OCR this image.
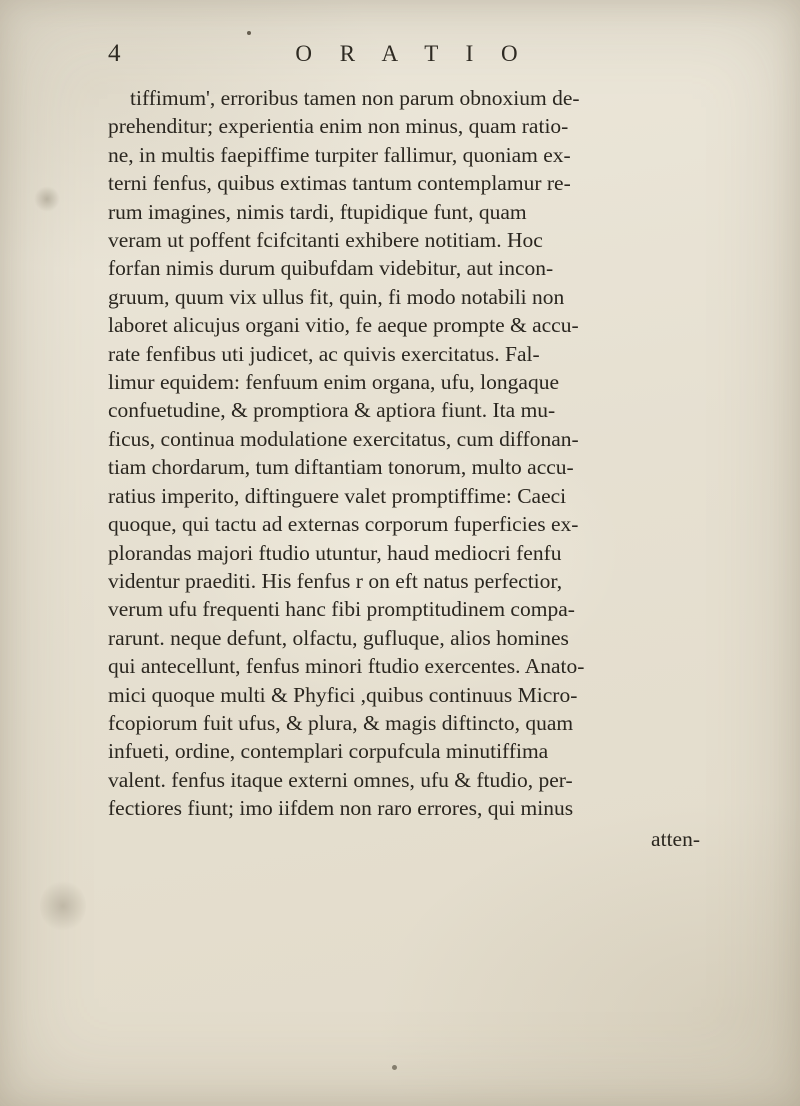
4	O R A T I O

tiffimum', erroribus tamen non parum obnoxium de-
prehenditur; experientia enim non minus, quam ratio-
ne, in multis faepiffime turpiter fallimur, quoniam ex-
terni fenfus, quibus extimas tantum contemplamur re-
rum imagines, nimis tardi, ftupidique funt, quam
veram ut poffent fcifcitanti exhibere notitiam. Hoc
forfan nimis durum quibufdam videbitur, aut incon-
gruum, quum vix ullus fit, quin, fi modo notabili non
laboret alicujus organi vitio, fe aeque prompte & accu-
rate fenfibus uti judicet, ac quivis exercitatus. Fal-
limur equidem: fenfuum enim organa, ufu, longaque
confuetudine, & promptiora & aptiora fiunt. Ita mu-
ficus, continua modulatione exercitatus, cum diffonan-
tiam chordarum, tum diftantiam tonorum, multo accu-
ratius imperito, diftinguere valet promptiffime: Caeci
quoque, qui tactu ad externas corporum fuperficies ex-
plorandas majori ftudio utuntur, haud mediocri fenfu
videntur praediti. His fenfus r on eft natus perfectior,
verum ufu frequenti hanc fibi promptitudinem compa-
rarunt. neque defunt, olfactu, gufluque, alios homines
qui antecellunt, fenfus minori ftudio exercentes. Anato-
mici quoque multi & Phyfici ,quibus continuus Micro-
fcopiorum fuit ufus, & plura, & magis diftincto, quam
infueti, ordine, contemplari corpufcula minutiffima
valent. fenfus itaque externi omnes, ufu & ftudio, per-
fectiores fiunt; imo iifdem non raro errores, qui minus

atten-
